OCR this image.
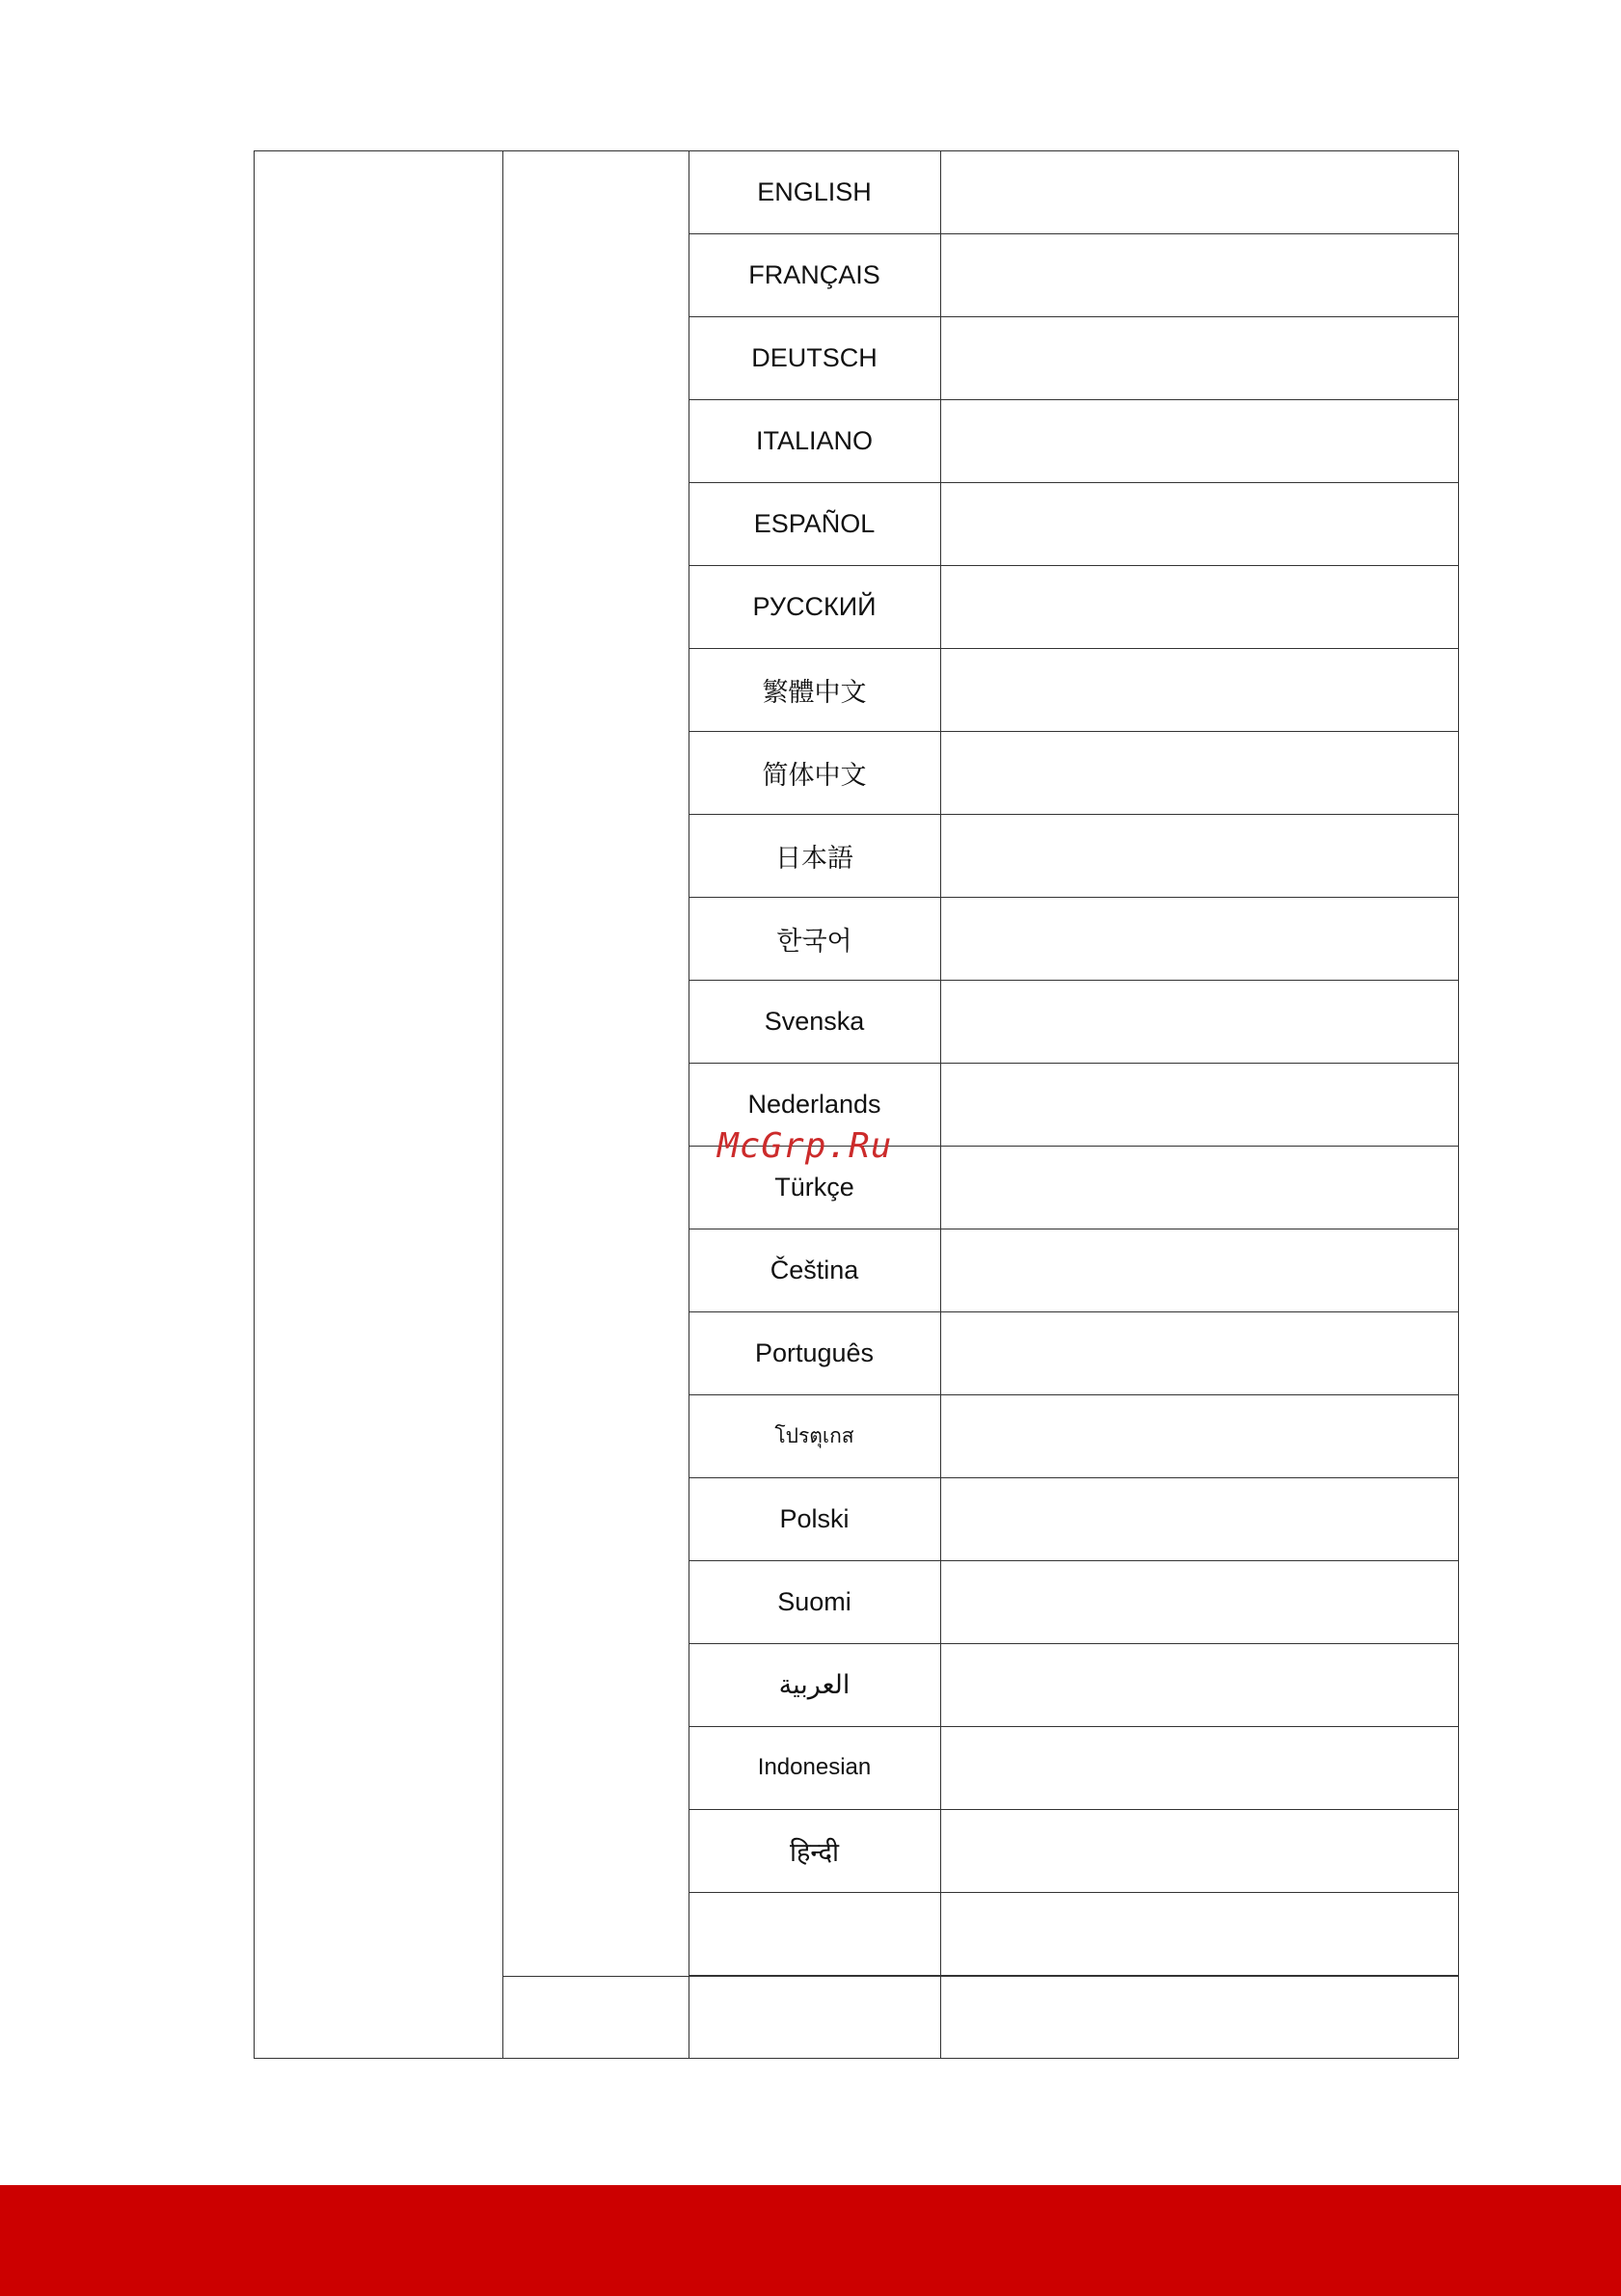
ENGLISH
FRANÇAIS
DEUTSCH
ITALIANO
ESPAÑOL
РУССКИЙ
繁體中文
简体中文
日本語
한국어
Svenska
Nederlands
Türkçe
Čeština
Português
โปรตุเกส
Polski
Suomi
العربية
Indonesian
हिन्दी
McGrp.Ru
